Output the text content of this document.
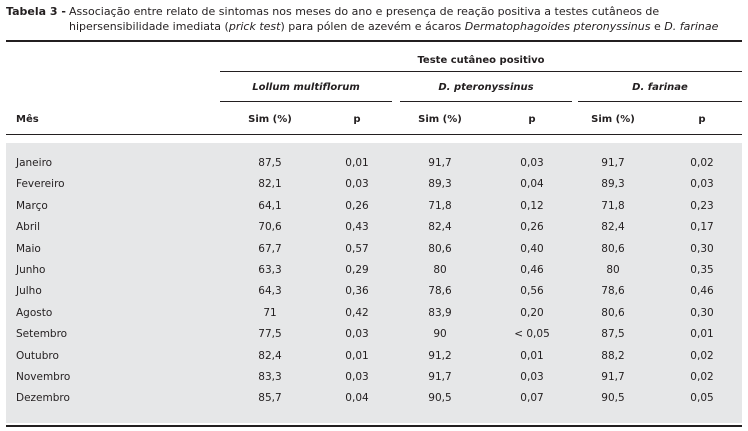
Tabela 3 - Associação entre relato de sintomas nos meses do ano e presença de reação positiva a testes cutâneos de hipersensibilidade imediata (prick test) para pólen de azevém e ácaros Dermatophagoides pteronyssinus e D. farinae
Teste cutâneo positivo
Lollum multiflorum	D. pteronyssinus	D. farinae
Mês	Sim (%)	p	Sim (%)	p	Sim (%)	p
Janeiro	87,5	0,01	91,7	0,03	91,7	0,02
Fevereiro	82,1	0,03	89,3	0,04	89,3	0,03
Março	64,1	0,26	71,8	0,12	71,8	0,23
Abril	70,6	0,43	82,4	0,26	82,4	0,17
Maio	67,7	0,57	80,6	0,40	80,6	0,30
Junho	63,3	0,29	80	0,46	80	0,35
Julho	64,3	0,36	78,6	0,56	78,6	0,46
Agosto	71	0,42	83,9	0,20	80,6	0,30
Setembro	77,5	0,03	90	< 0,05	87,5	0,01
Outubro	82,4	0,01	91,2	0,01	88,2	0,02
Novembro	83,3	0,03	91,7	0,03	91,7	0,02
Dezembro	85,7	0,04	90,5	0,07	90,5	0,05
